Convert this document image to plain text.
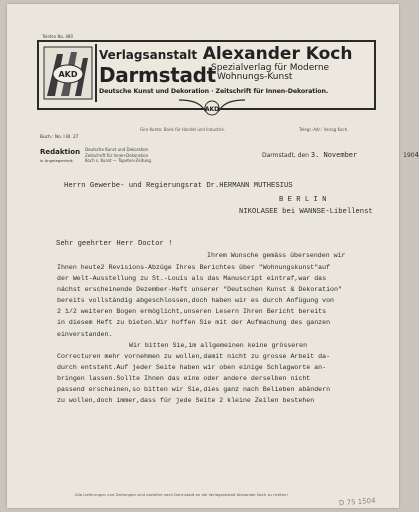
AKD
Telefon No. 480
Verlagsanstalt Alexander Koch
Darmstadt
Spezialverlag für Moderne
Wohnungs-Kunst
Deutsche Kunst und Dekoration · Zeitschrift für Innen-Dekoration.
AKD
Giro-Konto: Bank für Handel und Industrie.	Telegr.-Adr.: Verlag Koch.
Buch.: No. I Bl. 27
Redaktion
in Angelegenheit:
Deutsche Kunst und Dekoration
Zeitschrift für Innen-Dekoration
Koch s. Kunst — Tapeten-Zeitung
Darmstadt, den 3. November	1904
Herrn Gewerbe- und Regierungsrat Dr.HERMANN MUTHESIUS
B E R L I N
NIKOLASEE bei WANNSE-Libellenst
Sehr geehrter Herr Doctor !
Ihrem Wunsche gemäss übersenden wir
Ihnen heute2 Revisions-Abzüge Ihres Berichtes über "Wohnungskunst"auf
der Welt-Ausstellung zu St.-Louis als das Manuscript eintraf,war das
nächst erscheinende Dezember-Heft unserer "Deutschen Kunst & Dekoration"
bereits vollständig abgeschlossen,doch haben wir es durch Anfügung von
2 1/2 weiteren Bogen ermöglicht,unseren Lesern Ihren Bericht bereits
in diesem Heft zu bieten.Wir hoffen Sie mit der Aufmachung des ganzen
einverstanden.
Wir bitten Sie,im allgemeinen keine grösseren
Correcturen mehr vornehmen zu wollen,damit nicht zu grosse Arbeit da-
durch entsteht.Auf jeder Seite haben wir oben einige Schlagworte an-
bringen lassen.Sollte Ihnen das eine oder andere derselben nicht
passend erscheinen,so bitten wir Sie,dies ganz nach Belieben abändern
zu wollen,doch immer,dass für jede Seite 2 kleine Zeilen bestehen
Alle Lieferungen und Zahlungen sind portofrei nach Darmstadt an die Verlagsanstalt Alexander Koch zu richten!
D 75 1504
